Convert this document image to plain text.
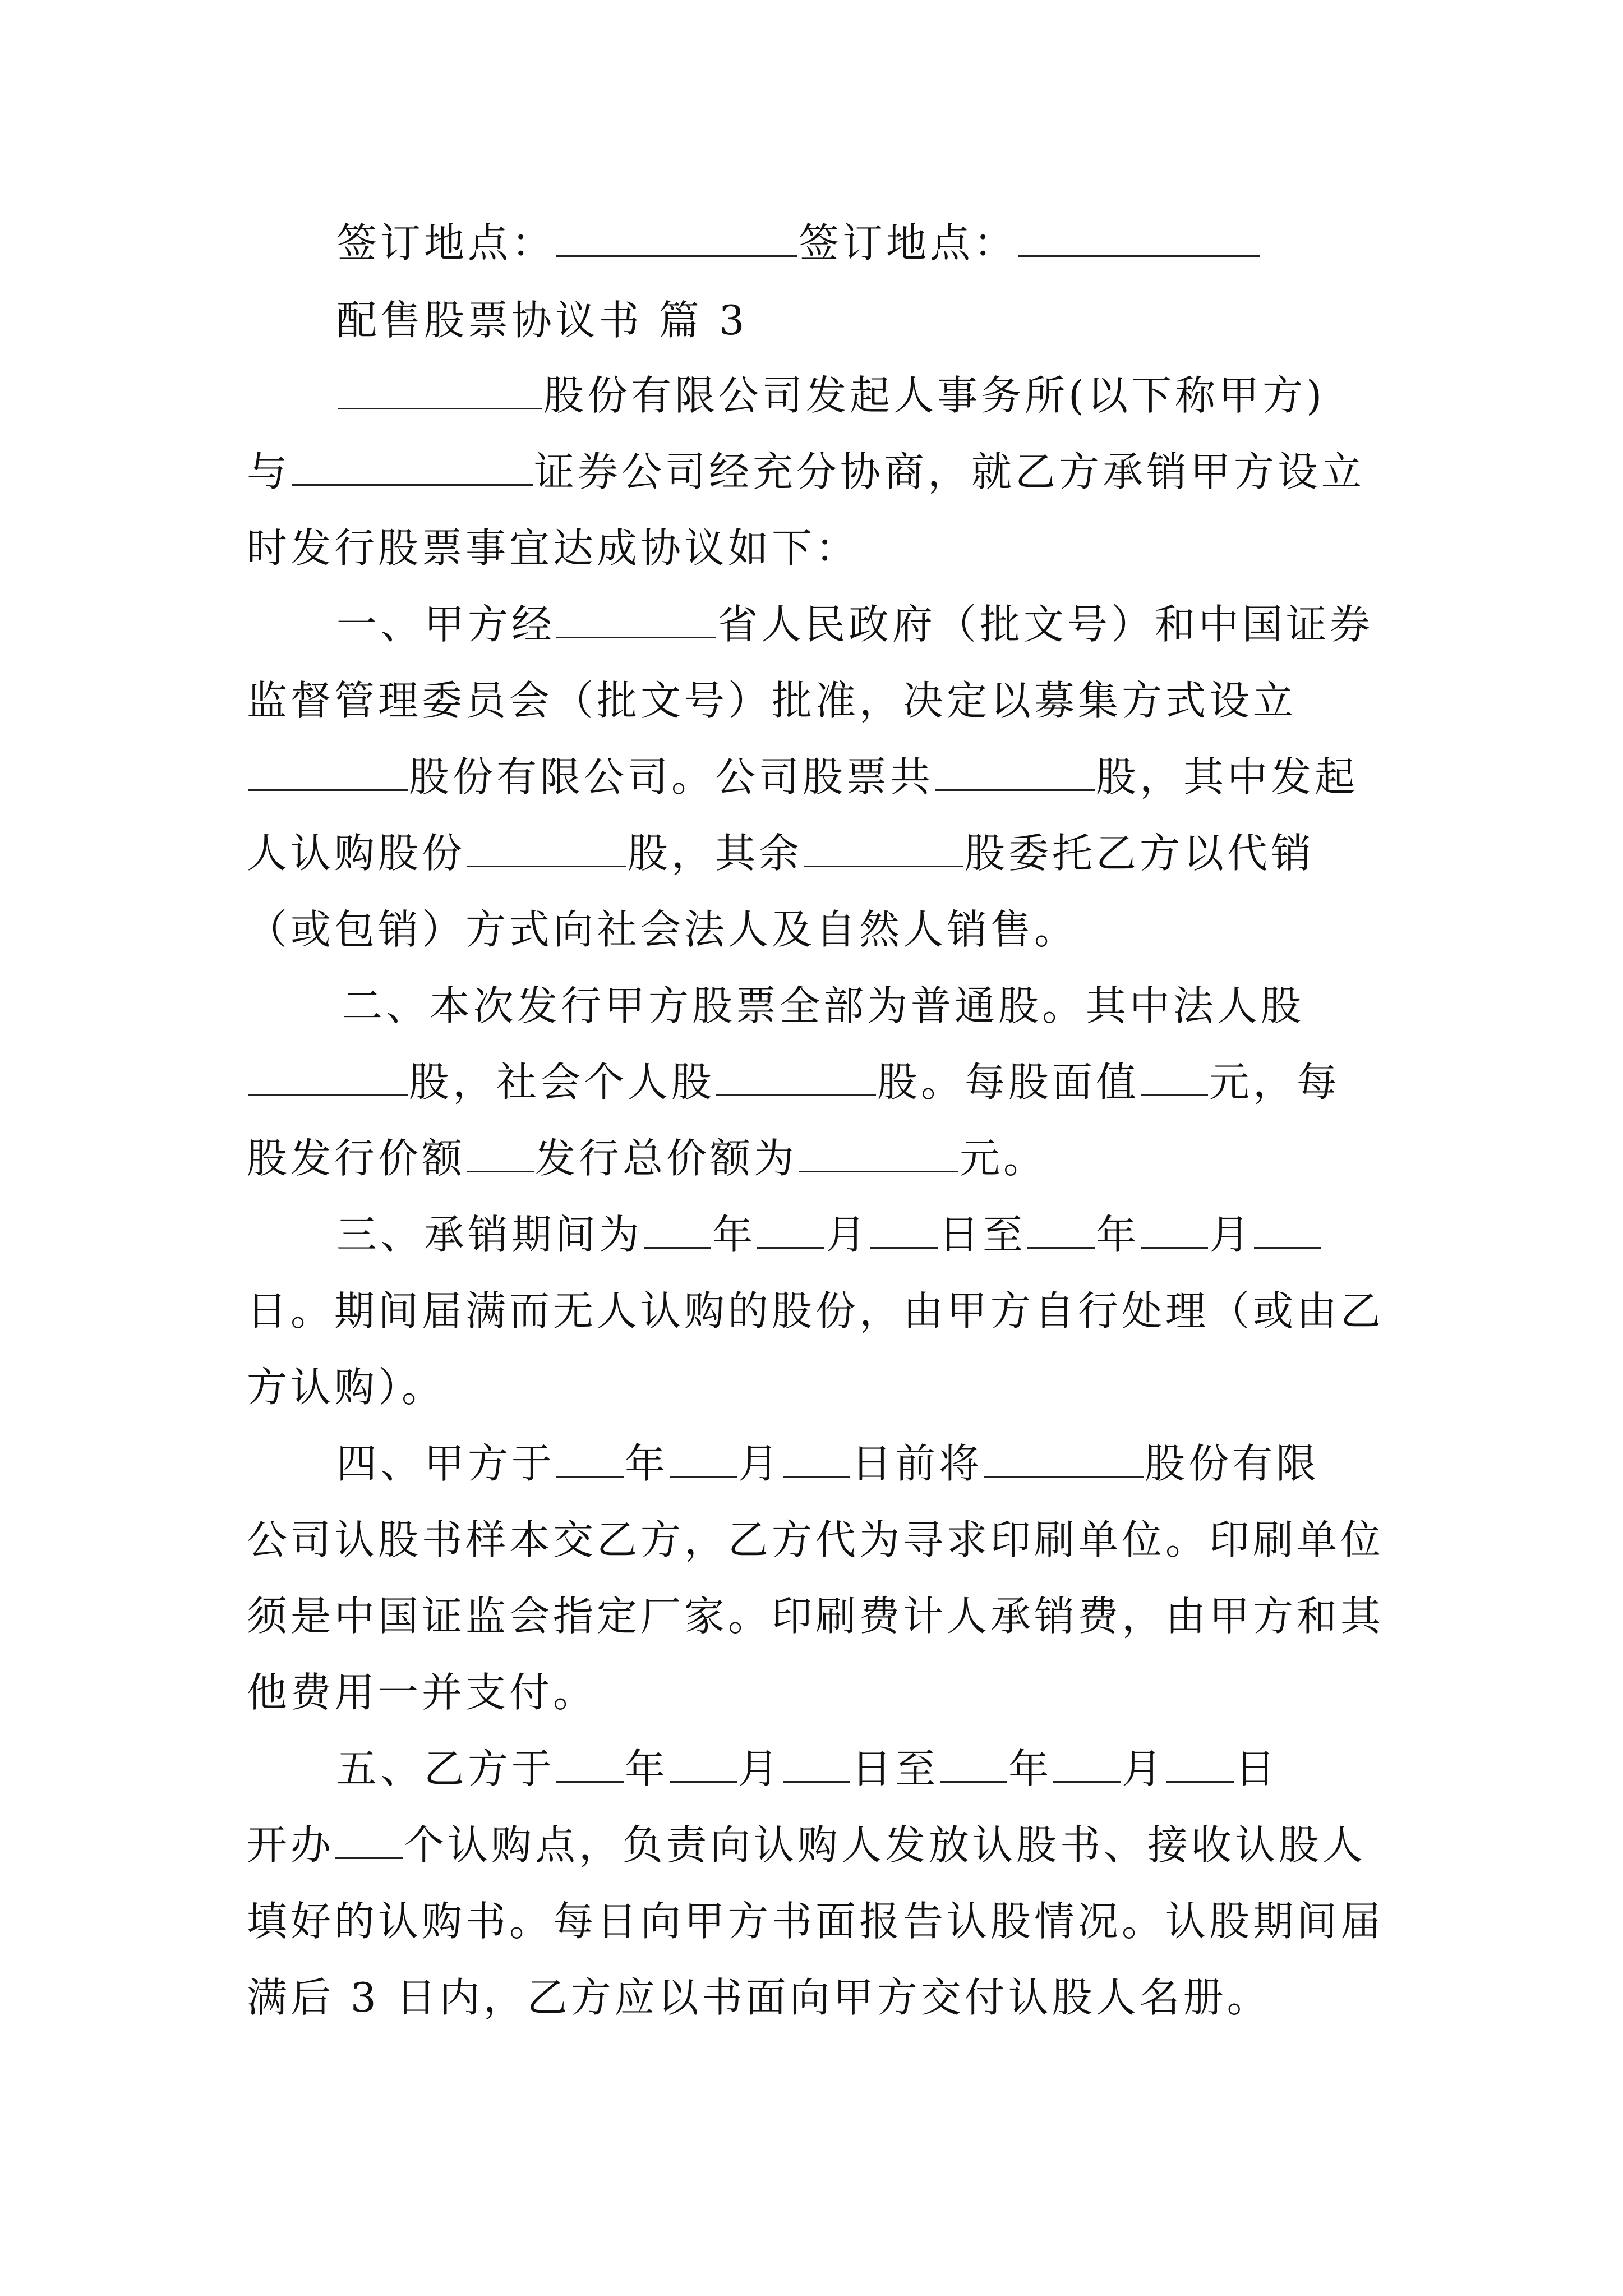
签订地点：	签订地点：
配售股票协议书 篇 3
股份有限公司发起人事务所(以下称甲方)
与	证券公司经充分协商，就乙方承销甲方设立
时发行股票事宜达成协议如下：
一、甲方经	省人民政府（批文号）和中国证券
监督管理委员会（批文号）批准，决定以募集方式设立
股份有限公司。公司股票共	股，其中发起
人认购股份	股，其余	股委托乙方以代销
（或包销）方式向社会法人及自然人销售。
二、本次发行甲方股票全部为普通股。其中法人股
股，社会个人股	股。每股面值 元，每
股发行价额 发行总价额为	元。
三、承销期间为 年 月 日至 年 月
日。期间届满而无人认购的股份，由甲方自行处理（或由乙
方认购）。
四、甲方于 年 月 日前将	股份有限
公司认股书样本交乙方，乙方代为寻求印刷单位。印刷单位
须是中国证监会指定厂家。印刷费计人承销费，由甲方和其
他费用一并支付。
五、乙方于 年 月 日至 年 月 日
开办 个认购点，负责向认购人发放认股书、接收认股人
填好的认购书。每日向甲方书面报告认股情况。认股期间届
满后 3 日内，乙方应以书面向甲方交付认股人名册。
